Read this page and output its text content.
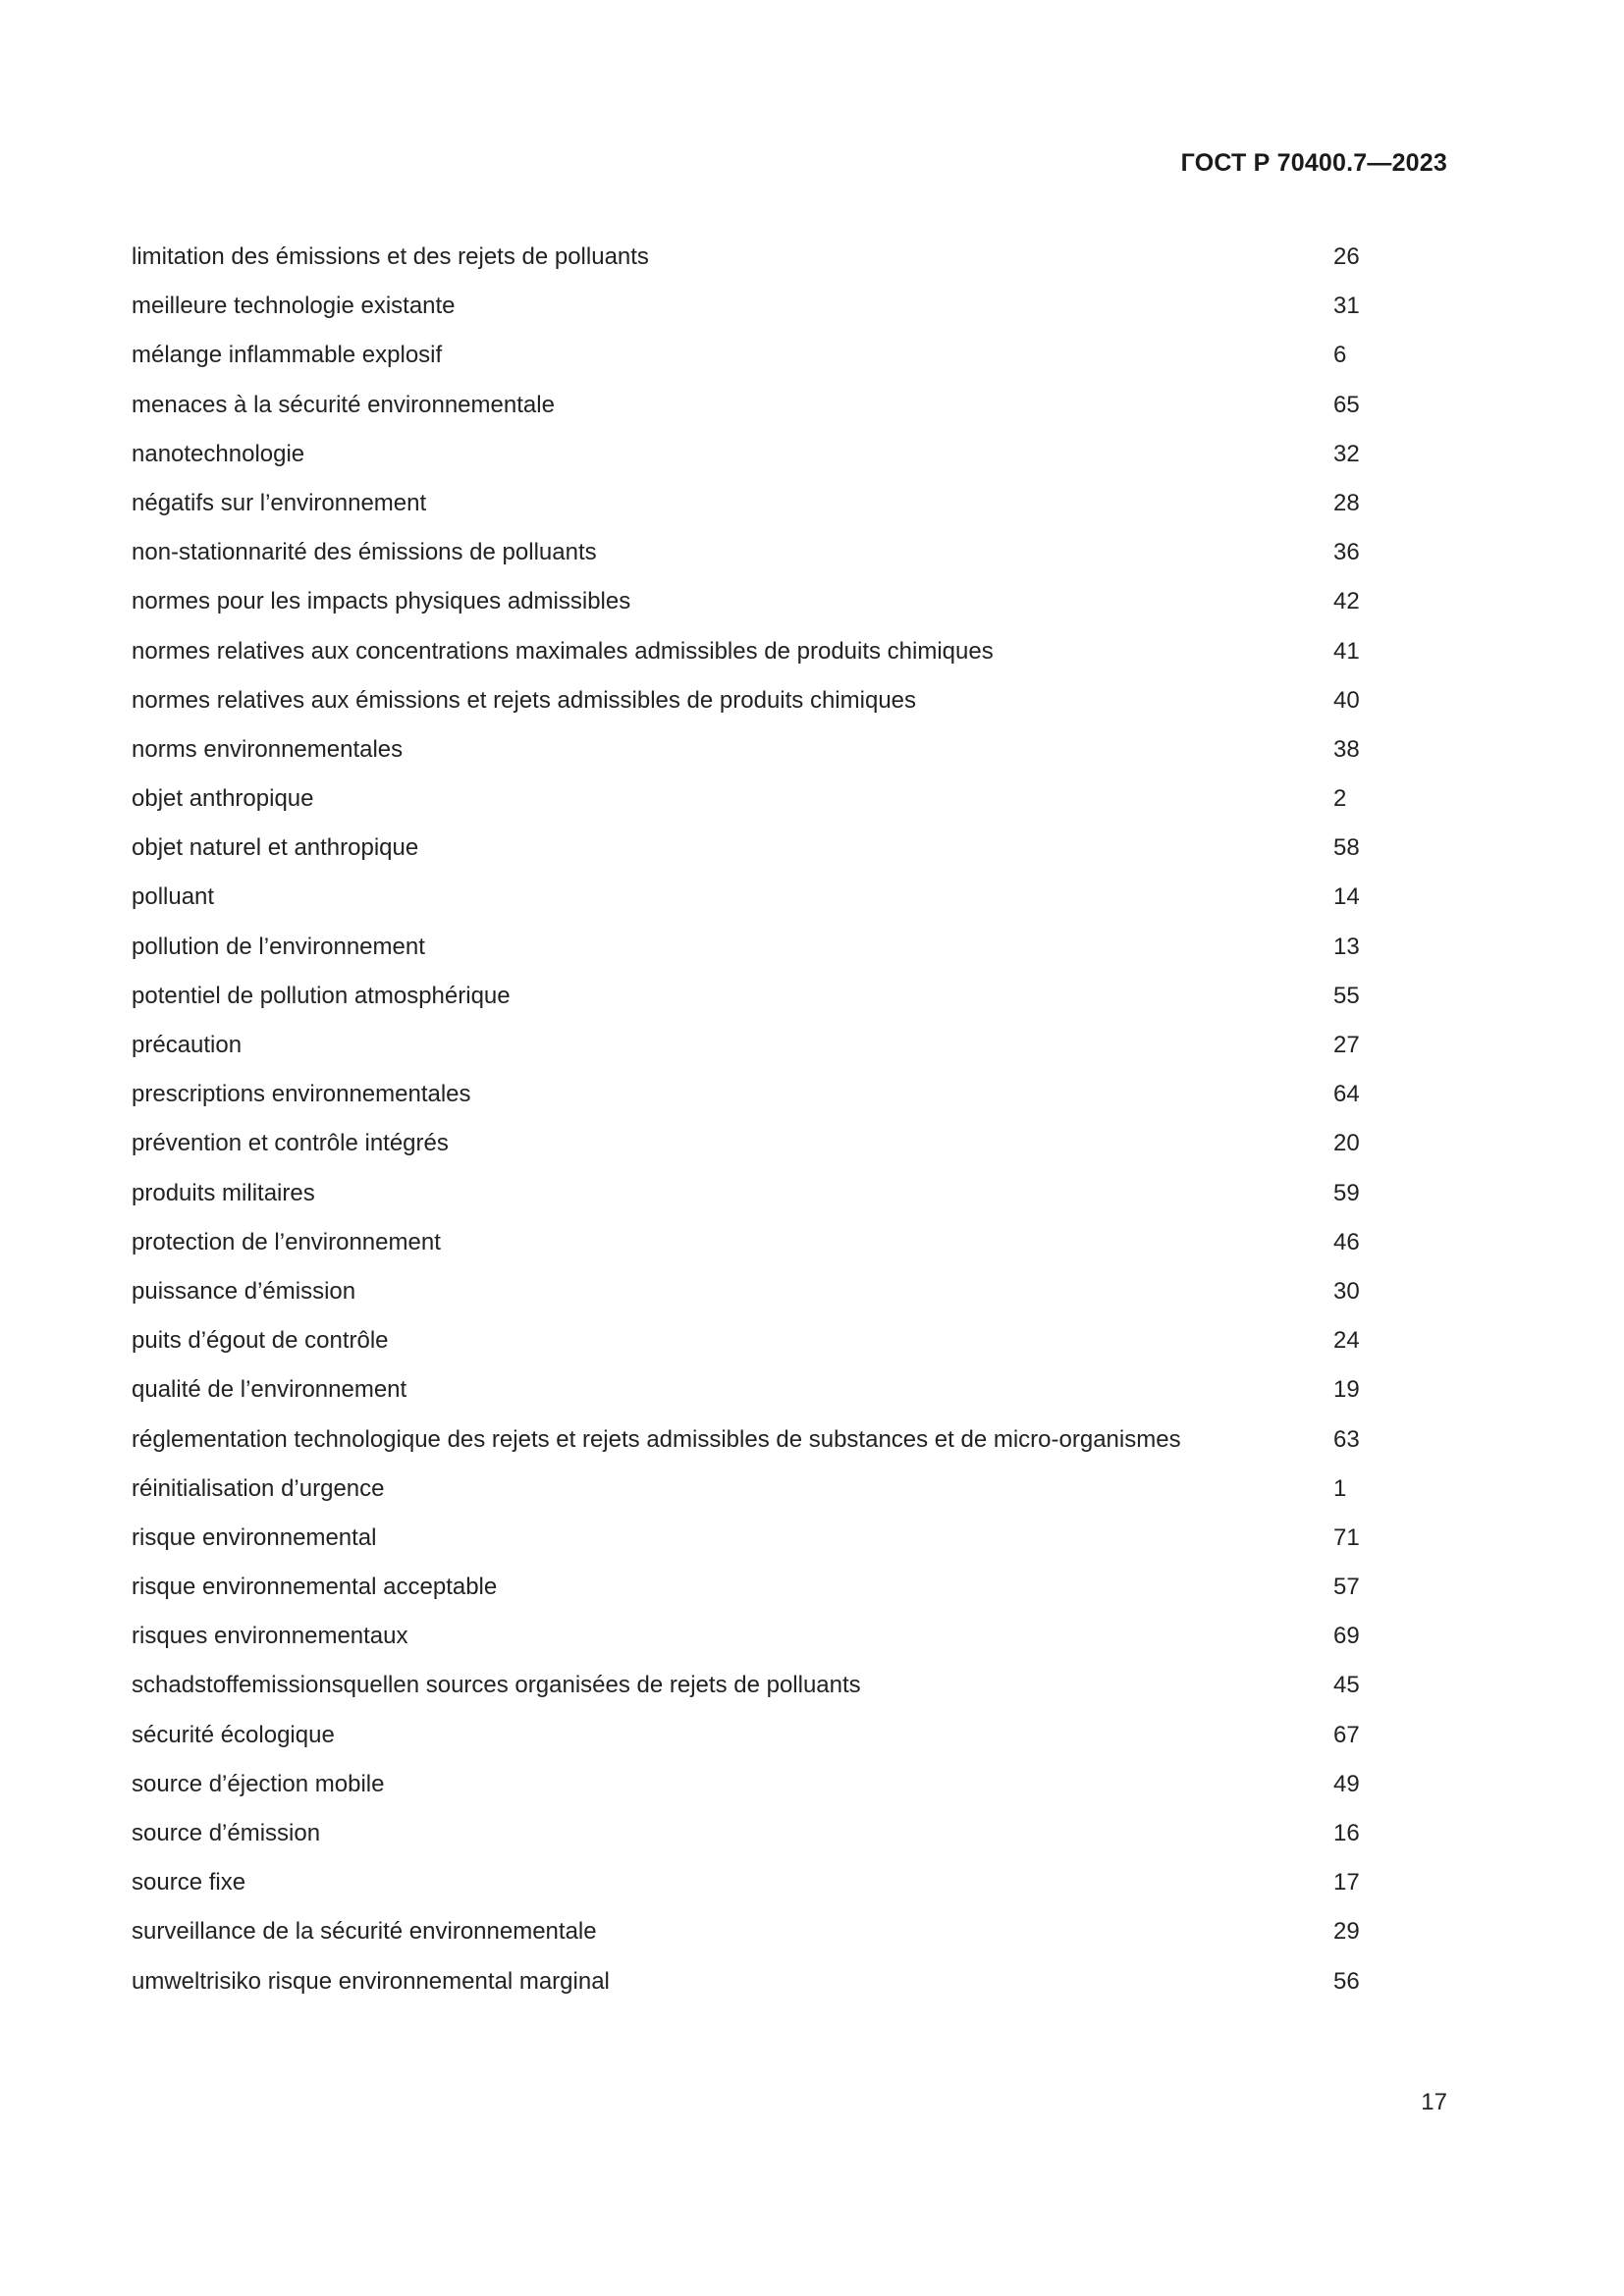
ГОСТ Р 70400.7—2023
limitation des émissions et des rejets de polluants	26
meilleure technologie existante	31
mélange inflammable explosif	6
menaces à la sécurité environnementale	65
nanotechnologie	32
négatifs sur l’environnement	28
non-stationnarité des émissions de polluants	36
normes pour les impacts physiques admissibles	42
normes relatives aux concentrations maximales admissibles de produits chimiques	41
normes relatives aux émissions et rejets admissibles de produits chimiques	40
norms environnementales	38
objet anthropique	2
objet naturel et anthropique	58
polluant	14
pollution de l’environnement	13
potentiel de pollution atmosphérique	55
précaution	27
prescriptions environnementales	64
prévention et contrôle intégrés	20
produits militaires	59
protection de l’environnement	46
puissance d’émission	30
puits d’égout de contrôle	24
qualité de l’environnement	19
réglementation technologique des rejets et rejets admissibles de substances et de micro-organismes	63
réinitialisation d’urgence	1
risque environnemental	71
risque environnemental acceptable	57
risques environnementaux	69
schadstoffemissionsquellen sources organisées de rejets de polluants	45
sécurité écologique	67
source d’éjection mobile	49
source d’émission	16
source fixe	17
surveillance de la sécurité environnementale	29
umweltrisiko risque environnemental marginal	56
17
